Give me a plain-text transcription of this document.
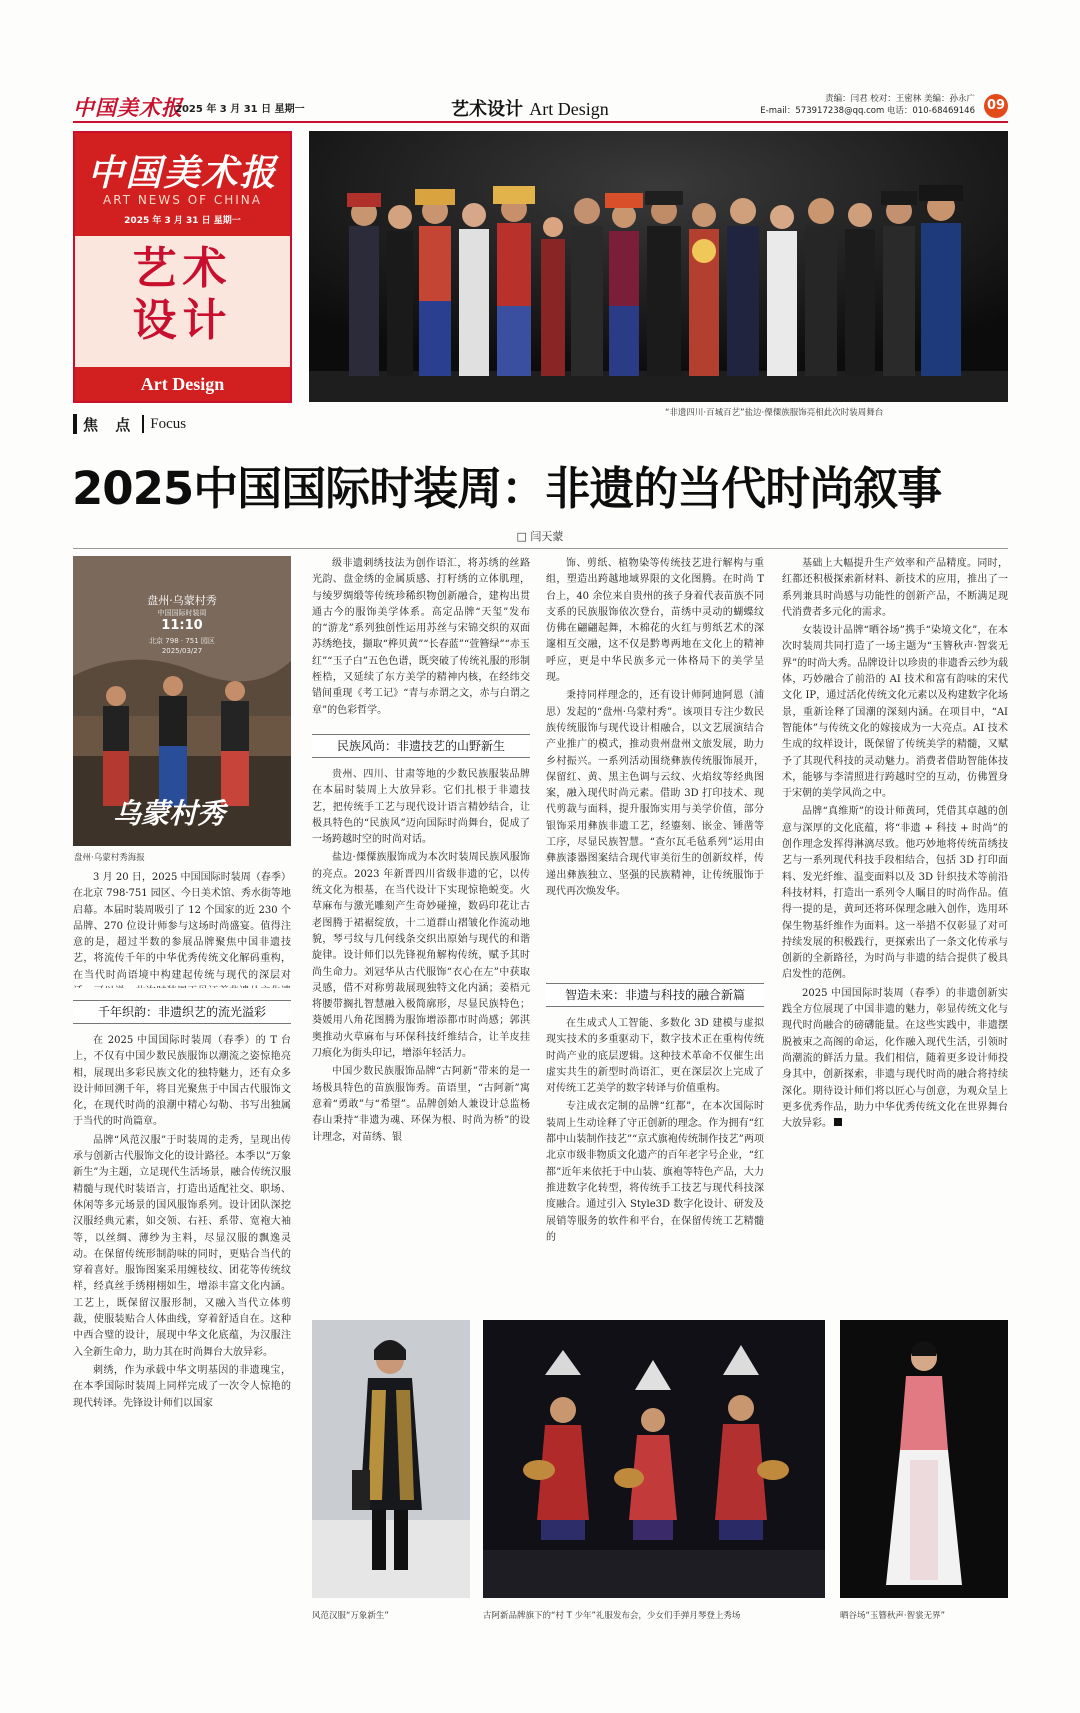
中国美术报
2025 年 3 月 31 日 星期一	艺术设计 Art Design	责编：闫君 校对：王密林 美编：孙永广
E-mail：573917238@qq.com 电话：010-68469146 09
中国美术报
ART NEWS OF CHINA
2025 年 3 月 31 日 星期一
艺术
设计
Art Design
“非遗四川·百城百艺”盐边·傈僳族服饰亮相此次时装周舞台
焦 点 Focus
2025中国国际时装周：非遗的当代时尚叙事
□ 闫天蒙
盘州·乌蒙村秀
中国国际时装周
11:10
北京 798 · 751 园区
2025/03/27
乌蒙村秀
盘州·乌蒙村秀海报

3 月 20 日，2025 中国国际时装周（春季）在北京 798·751 园区、今日美术馆、秀水街等地启幕。本届时装周吸引了 12 个国家的近 230 个品牌、270 位设计师参与这场时尚盛宴。值得注意的是，超过半数的参展品牌聚焦中国非遗技艺，将流传千年的中华优秀传统文化解码重构，在当代时尚语境中构建起传统与现代的深层对

千年织韵：非遗织艺的流光溢彩

在 2025 中国国际时装周（春季）的 T 台上，不仅有中国少数民族服饰以潮流之姿惊艳亮相，展现出多彩民族文化的独特魅力，还有众多设计师回溯千年，将目光聚焦于中国古代服饰文化，在现代时尚的浪潮中精心勾勒、书写出独属于当代的时尚篇章。

品牌“风范汉服”于时装周的走秀，呈现出传承与创新古代服饰文化的设计路径。本季以“万象新生”为主题，立足现代生活场景，融合传统汉服精髓与现代时装语言，打造出适配社交、职场、休闲等多元场景的国风服饰系列。设计团队深挖汉服经典元素，如交领、右衽、系带、宽袍大袖等，以丝绸、薄纱为主料，尽显汉服的飘逸灵动。在保留传统形制韵味的同时，更贴合当代的穿着喜好。服饰图案采用缠枝纹、团花等传统纹样，经真丝手绣栩栩如生，增添丰富文化内涵。工艺上，既保留汉服形制，又融入当代立体剪裁，使服装贴合人体曲线，穿着舒适自在。这种中西合璧的设计，展现中华文化底蕴，为汉服注入全新生命力，助力其在时尚舞台大放异彩。

刺绣，作为承载中华文明基因的非遗瑰宝，在本季国际时装周上同样完成了一次令人惊艳的现代转译。先锋设计师们以国家

级非遗刺绣技法为创作语汇，将苏绣的丝路光韵、盘金绣的金属质感、打籽绣的立体肌理，与绫罗绸缎等传统珍稀织物创新融合，建构出贯通古今的服饰美学体系。高定品牌“天玺”发布的“游龙”系列独创性运用苏丝与宋锦交织的双面苏绣绝技，撷取“桦贝黄”“长春蓝”“萱簪绿”“赤玉红”“玉子白”五色色谱，既突破了传统礼服的形制桎梏，又延续了东方美学的精神内核，在经纬交错间重现《考工记》“青与赤谓之文，赤与白谓之章”的色彩哲学。

民族风尚：非遗技艺的山野新生

贵州、四川、甘肃等地的少数民族服装品牌在本届时装周上大放异彩。它们扎根于非遗技艺，把传统手工艺与现代设计语言精妙结合，让极具特色的“民族风”迈向国际时尚舞台，促成了一场跨越时空的时尚对话。

盐边·傈僳族服饰成为本次时装周民族风服饰的亮点。2023 年新晋四川省级非遗的它，以传统文化为根基，在当代设计下实现惊艳蜕变。火草麻布与激光雕刻产生奇妙碰撞，数码印花让古老图腾于裙裾绽放，十二道群山褶皱化作流动地貌，琴弓纹与几何线条交织出原始与现代的和谐旋律。设计师们以先锋视角解构传统，赋予其时尚生命力。刘冠华从古代服饰“衣心在左”中获取灵感，借不对称剪裁展现独特文化内涵；姜梧元将腰带搁扎智慧融入极简廓形，尽显民族特色；葵媛用八角花图腾为服饰增添都市时尚感；郭淇奥推动火草麻布与环保科技纤维结合，让羊皮挂刀痕化为街头印记，增添年轻活力。

中国少数民族服饰品牌“古阿新”带来的是一场极具特色的苗族服饰秀。苗语里，“古阿新”寓意着“勇敢”与“希望”。品牌创始人兼设计总监杨春山秉持“非遗为魂、环保为根、时尚为桥”的设计理念，对苗绣、银

饰、剪纸、植物染等传统技艺进行解构与重组，塑造出跨越地域界限的文化图腾。在时尚 T 台上，40 余位来自贵州的孩子身着代表苗族不同支系的民族服饰依次登台，苗绣中灵动的蝴蝶纹仿佛在翩翩起舞，木棉花的火红与剪纸艺术的深邃相互交融，这不仅是黔粤两地在文化上的精神呼应，更是中华民族多元一体格局下的美学呈现。

秉持同样理念的，还有设计师阿迪阿恩（浦思）发起的“盘州·乌蒙村秀”。该项目专注少数民族传统服饰与现代设计相融合，以文艺展演结合产业推广的模式，推动贵州盘州文旅发展，助力乡村振兴。一系列活动围绕彝族传统服饰展开，保留红、黄、黑主色调与云纹、火焰纹等经典图案，融入现代时尚元素。借助 3D 打印技术、现代剪裁与面料，提升服饰实用与美学价值，部分银饰采用彝族非遗工艺，经鎏刻、嵌金、锤凿等工序，尽显民族智慧。“查尔瓦毛毡系列”运用由彝族漆器图案结合现代审美衍生的创新纹样，传递出彝族独立、坚强的民族精神，让传统服饰于现代再次焕发华。

智造未来：非遗与科技的融合新篇

在生成式人工智能、多数化 3D 建模与虚拟现实技术的多重驱动下，数字技术正在重构传统时尚产业的底层逻辑。这种技术革命不仅催生出虚实共生的新型时尚语汇，更在深层次上完成了对传统工艺美学的数字转译与价值重构。

专注成衣定制的品牌“红都”，在本次国际时装周上生动诠释了守正创新的理念。作为拥有“红都中山装制作技艺”“京式旗袍传统制作技艺”两项北京市级非物质文化遗产的百年老字号企业，“红都”近年来依托于中山装、旗袍等特色产品，大力推进数字化转型，将传统手工技艺与现代科技深度融合。通过引入 Style3D 数字化设计、研发及展销等服务的软件和平台，在保留传统工艺精髓的

基础上大幅提升生产效率和产品精度。同时，红都还积极探索新材料、新技术的应用，推出了一系列兼具时尚感与功能性的创新产品，不断满足现代消费者多元化的需求。

女装设计品牌“晒谷场”携手“染境文化”，在本次时装周共同打造了一场主题为“玉簪秋声·智裳无界”的时尚大秀。品牌设计以珍贵的非遗香云纱为载体，巧妙融合了前沿的 AI 技术和富有韵味的宋代文化 IP，通过活化传统文化元素以及构建数字化场景，重新诠释了国潮的深刻内涵。在项目中，“AI 智能体”与传统文化的嫁接成为一大亮点。AI 技术生成的纹样设计，既保留了传统美学的精髓，又赋予了其现代科技的灵动魅力。消费者借助智能体技术，能够与李清照进行跨越时空的互动，仿佛置身于宋朝的美学风尚之中。

品牌“真维斯”的设计师黄珂，凭借其卓越的创意与深厚的文化底蕴，将“非遗 + 科技 + 时尚”的创作理念发挥得淋漓尽致。他巧妙地将传统苗绣技艺与一系列现代科技手段相结合，包括 3D 打印面料、发光纤维、温变面料以及 3D 针织技术等前沿科技材料，打造出一系列令人瞩目的时尚作品。值得一提的是，黄珂还将环保理念融入创作，选用环保生物基纤维作为面料。这一举措不仅彰显了对可持续发展的积极践行，更探索出了一条文化传承与创新的全新路径，为时尚与非遗的结合提供了极具启发性的范例。

2025 中国国际时装周（春季）的非遗创新实践全方位展现了中国非遗的魅力，彰显传统文化与现代时尚融合的磅礴能量。在这些实践中，非遗摆脱被束之高阁的命运，化作融入现代生活，引领时尚潮流的鲜活力量。我们相信，随着更多设计师投身其中，创新探索，非遗与现代时尚的融合将持续深化。期待设计师们将以匠心与创意，为观众呈上更多优秀作品，助力中华优秀传统文化在世界舞台大放异彩。

风范汉服“万象新生”	古阿新品牌旗下的“村 T 少年”礼服发布会，少女们手弹月琴登上秀场	晒谷场“玉簪秋声·智裳无界”
